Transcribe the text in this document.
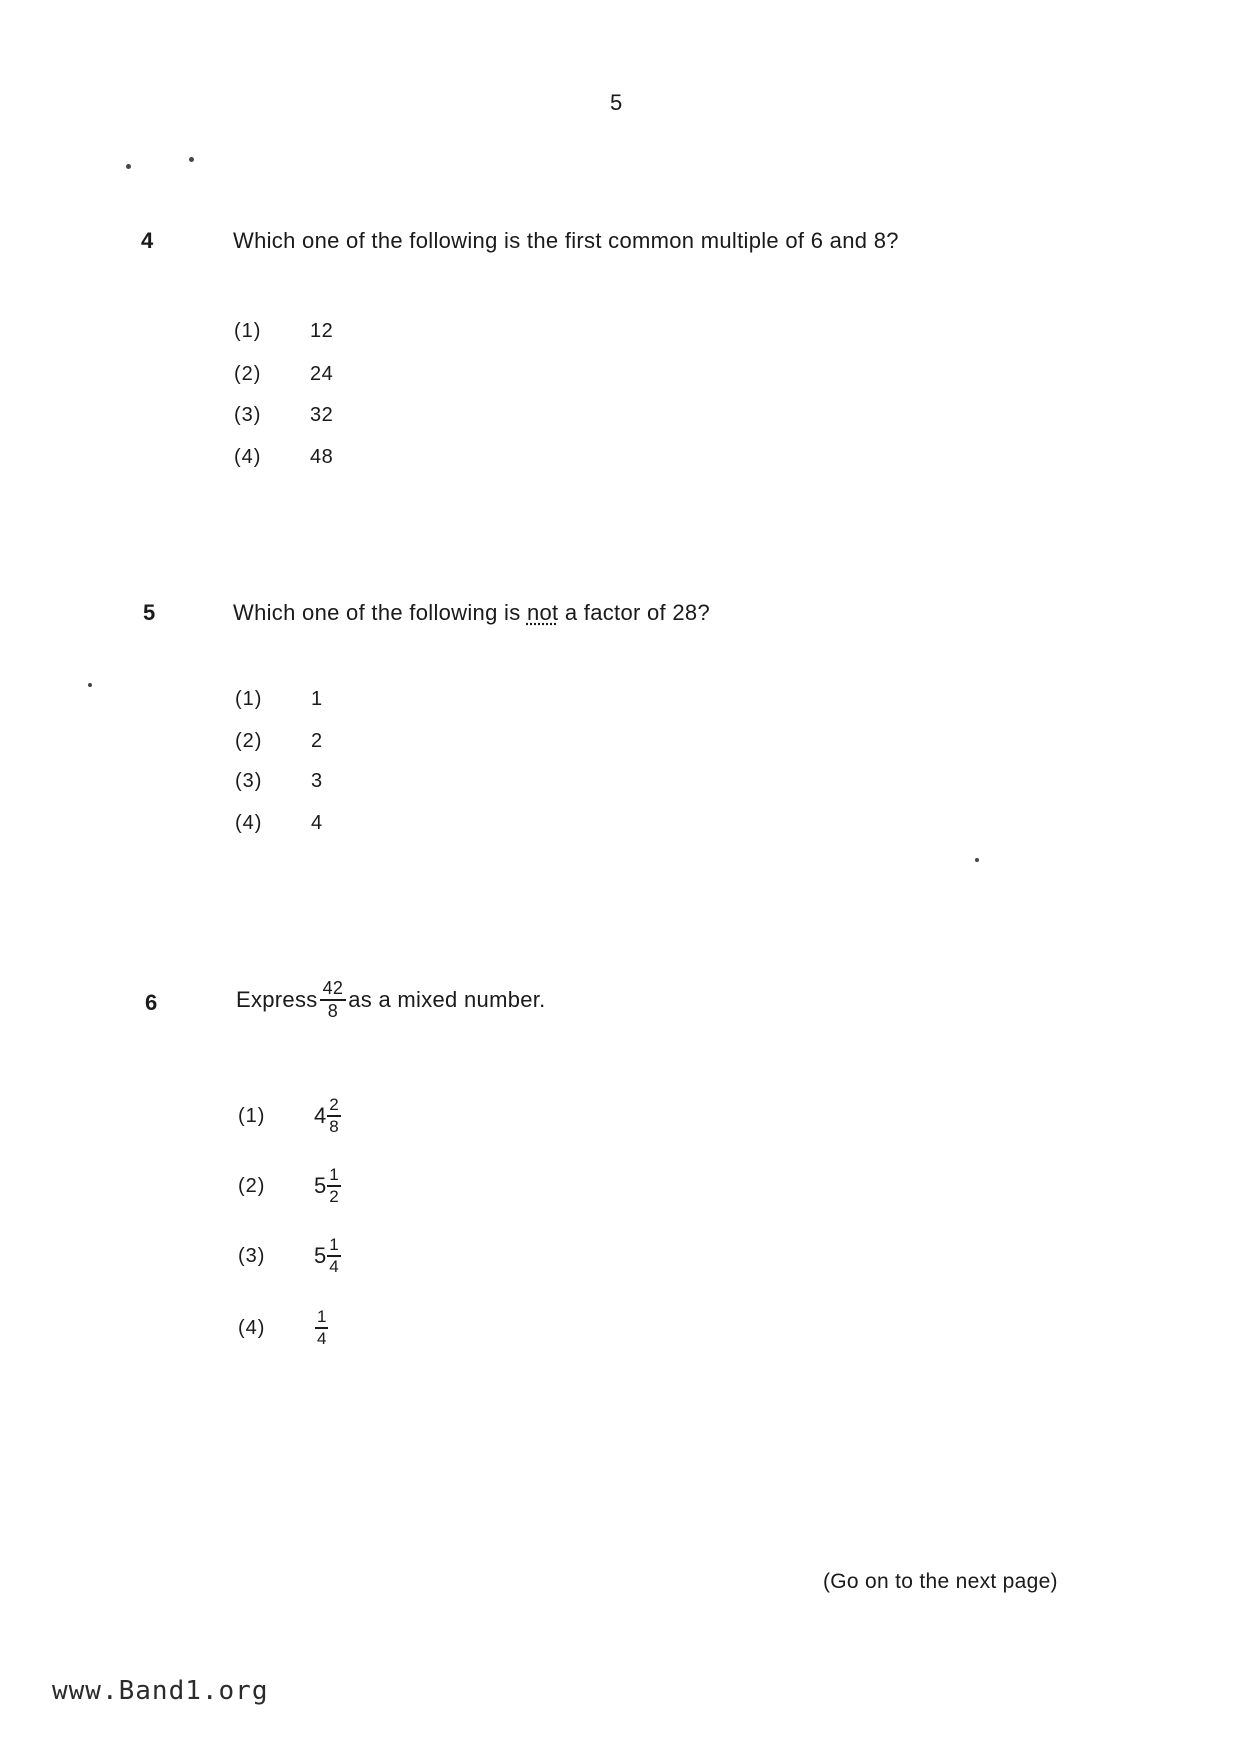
5
4	Which one of the following is the first common multiple of 6 and 8?
(1)	12
(2)	24
(3)	32
(4)	48
5	Which one of the following is not a factor of 28?
(1)	1
(2)	2
(3)	3
(4)	4
6	Express $\frac{42}{8}$ as a mixed number.
(1)	$4 \frac{2}{8}$
(2)	$5 \frac{1}{2}$
(3)	$5 \frac{1}{4}$
(4)	$\frac{1}{4}$
(Go on to the next page)
www.Band1.org
